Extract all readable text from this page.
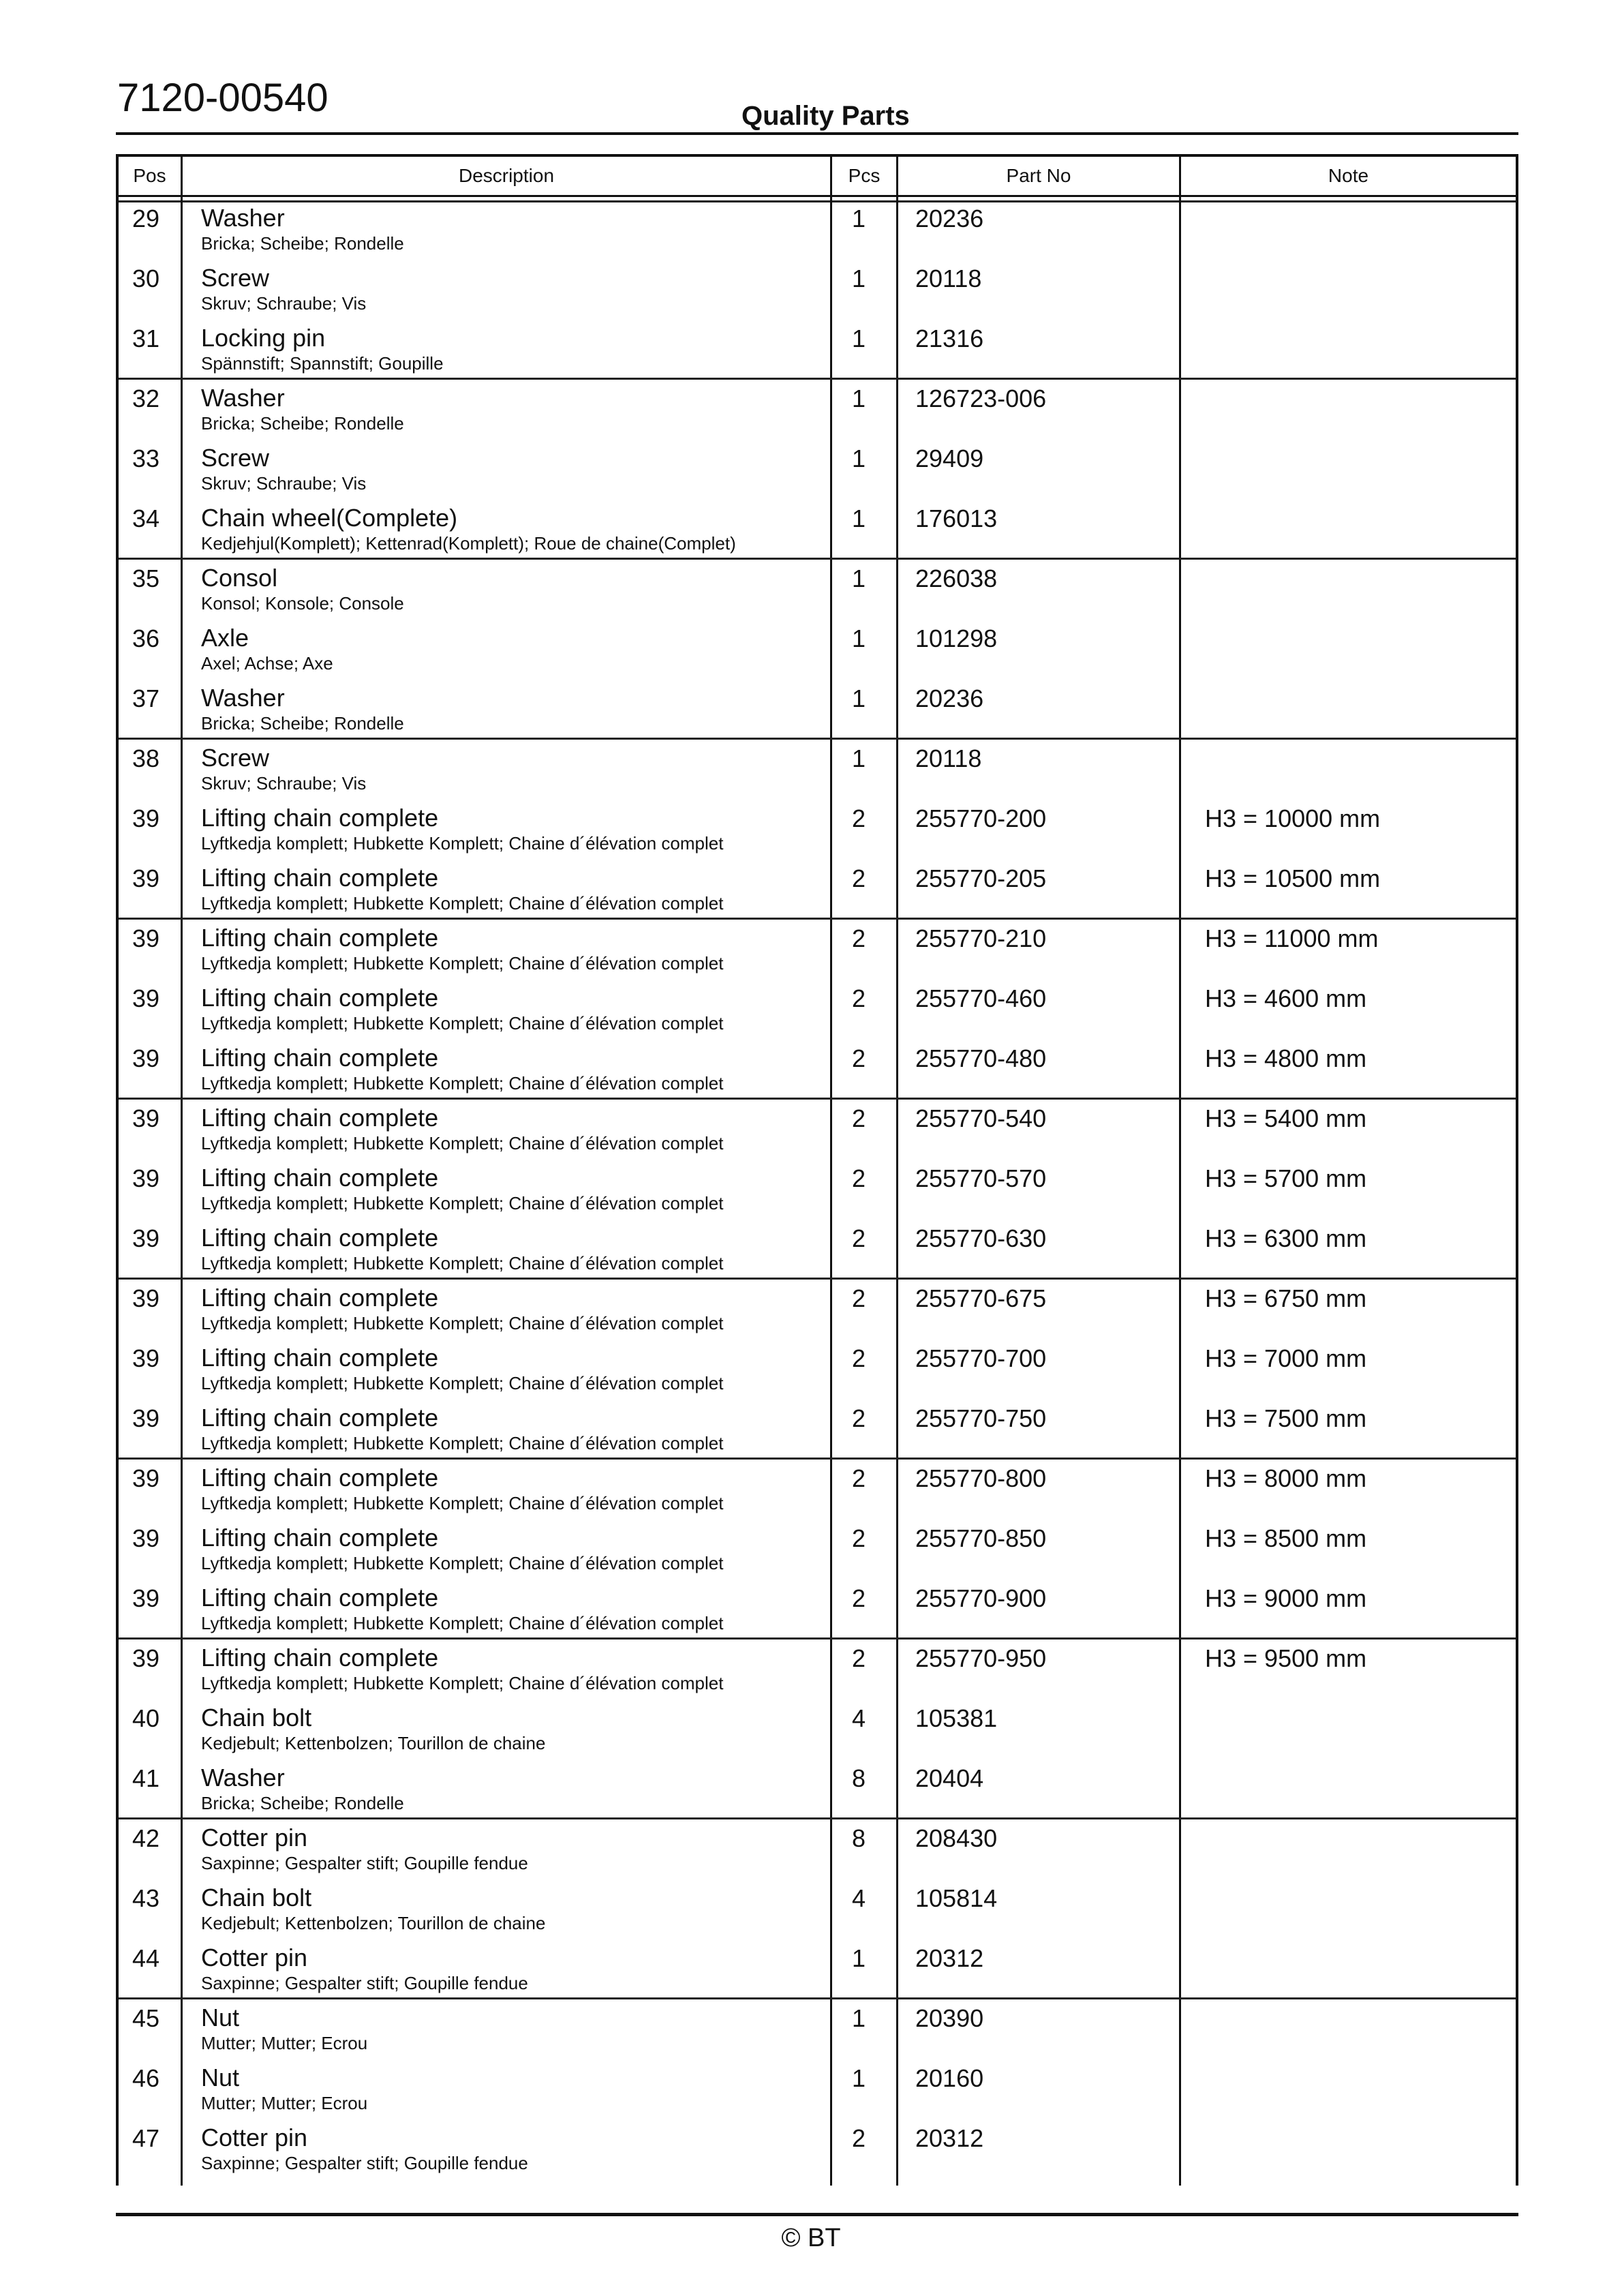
7120-00540	Quality Parts
Pos	Description	Pcs	Part No	Note
29 Washer
Bricka; Scheibe; Rondelle
1 20236
30 Screw
Skruv; Schraube; Vis
1 20118
31 Locking pin
Spännstift; Spannstift; Goupille
1 21316
32 Washer
Bricka; Scheibe; Rondelle
1 126723-006
33 Screw
Skruv; Schraube; Vis
1 29409
34 Chain wheel(Complete)
Kedjehjul(Komplett); Kettenrad(Komplett); Roue de chaine(Complet)
1 176013
35 Consol
Konsol; Konsole; Console
1 226038
36 Axle
Axel; Achse; Axe
1 101298
37 Washer
Bricka; Scheibe; Rondelle
1 20236
38 Screw
Skruv; Schraube; Vis
1 20118
39 Lifting chain complete
Lyftkedja komplett; Hubkette Komplett; Chaine d´élévation complet
2 255770-200	H3 = 10000 mm
39 Lifting chain complete
Lyftkedja komplett; Hubkette Komplett; Chaine d´élévation complet
2 255770-205	H3 = 10500 mm
39 Lifting chain complete
Lyftkedja komplett; Hubkette Komplett; Chaine d´élévation complet
2 255770-210	H3 = 11000 mm
39 Lifting chain complete
Lyftkedja komplett; Hubkette Komplett; Chaine d´élévation complet
2 255770-460	H3 = 4600 mm
39 Lifting chain complete
Lyftkedja komplett; Hubkette Komplett; Chaine d´élévation complet
2 255770-480	H3 = 4800 mm
39 Lifting chain complete
Lyftkedja komplett; Hubkette Komplett; Chaine d´élévation complet
2 255770-540	H3 = 5400 mm
39 Lifting chain complete
Lyftkedja komplett; Hubkette Komplett; Chaine d´élévation complet
2 255770-570	H3 = 5700 mm
39 Lifting chain complete
Lyftkedja komplett; Hubkette Komplett; Chaine d´élévation complet
2 255770-630	H3 = 6300 mm
39 Lifting chain complete
Lyftkedja komplett; Hubkette Komplett; Chaine d´élévation complet
2 255770-675	H3 = 6750 mm
39 Lifting chain complete
Lyftkedja komplett; Hubkette Komplett; Chaine d´élévation complet
2 255770-700	H3 = 7000 mm
39 Lifting chain complete
Lyftkedja komplett; Hubkette Komplett; Chaine d´élévation complet
2 255770-750	H3 = 7500 mm
39 Lifting chain complete
Lyftkedja komplett; Hubkette Komplett; Chaine d´élévation complet
2 255770-800	H3 = 8000 mm
39 Lifting chain complete
Lyftkedja komplett; Hubkette Komplett; Chaine d´élévation complet
2 255770-850	H3 = 8500 mm
39 Lifting chain complete
Lyftkedja komplett; Hubkette Komplett; Chaine d´élévation complet
2 255770-900	H3 = 9000 mm
39 Lifting chain complete
Lyftkedja komplett; Hubkette Komplett; Chaine d´élévation complet
2 255770-950	H3 = 9500 mm
40 Chain bolt
Kedjebult; Kettenbolzen; Tourillon de chaine
4 105381
41 Washer
Bricka; Scheibe; Rondelle
8 20404
42 Cotter pin
Saxpinne; Gespalter stift; Goupille fendue
8 208430
43 Chain bolt
Kedjebult; Kettenbolzen; Tourillon de chaine
4 105814
44 Cotter pin
Saxpinne; Gespalter stift; Goupille fendue
1 20312
45 Nut
Mutter; Mutter; Ecrou
1 20390
46 Nut
Mutter; Mutter; Ecrou
1 20160
47 Cotter pin
Saxpinne; Gespalter stift; Goupille fendue
2 20312
© BT
